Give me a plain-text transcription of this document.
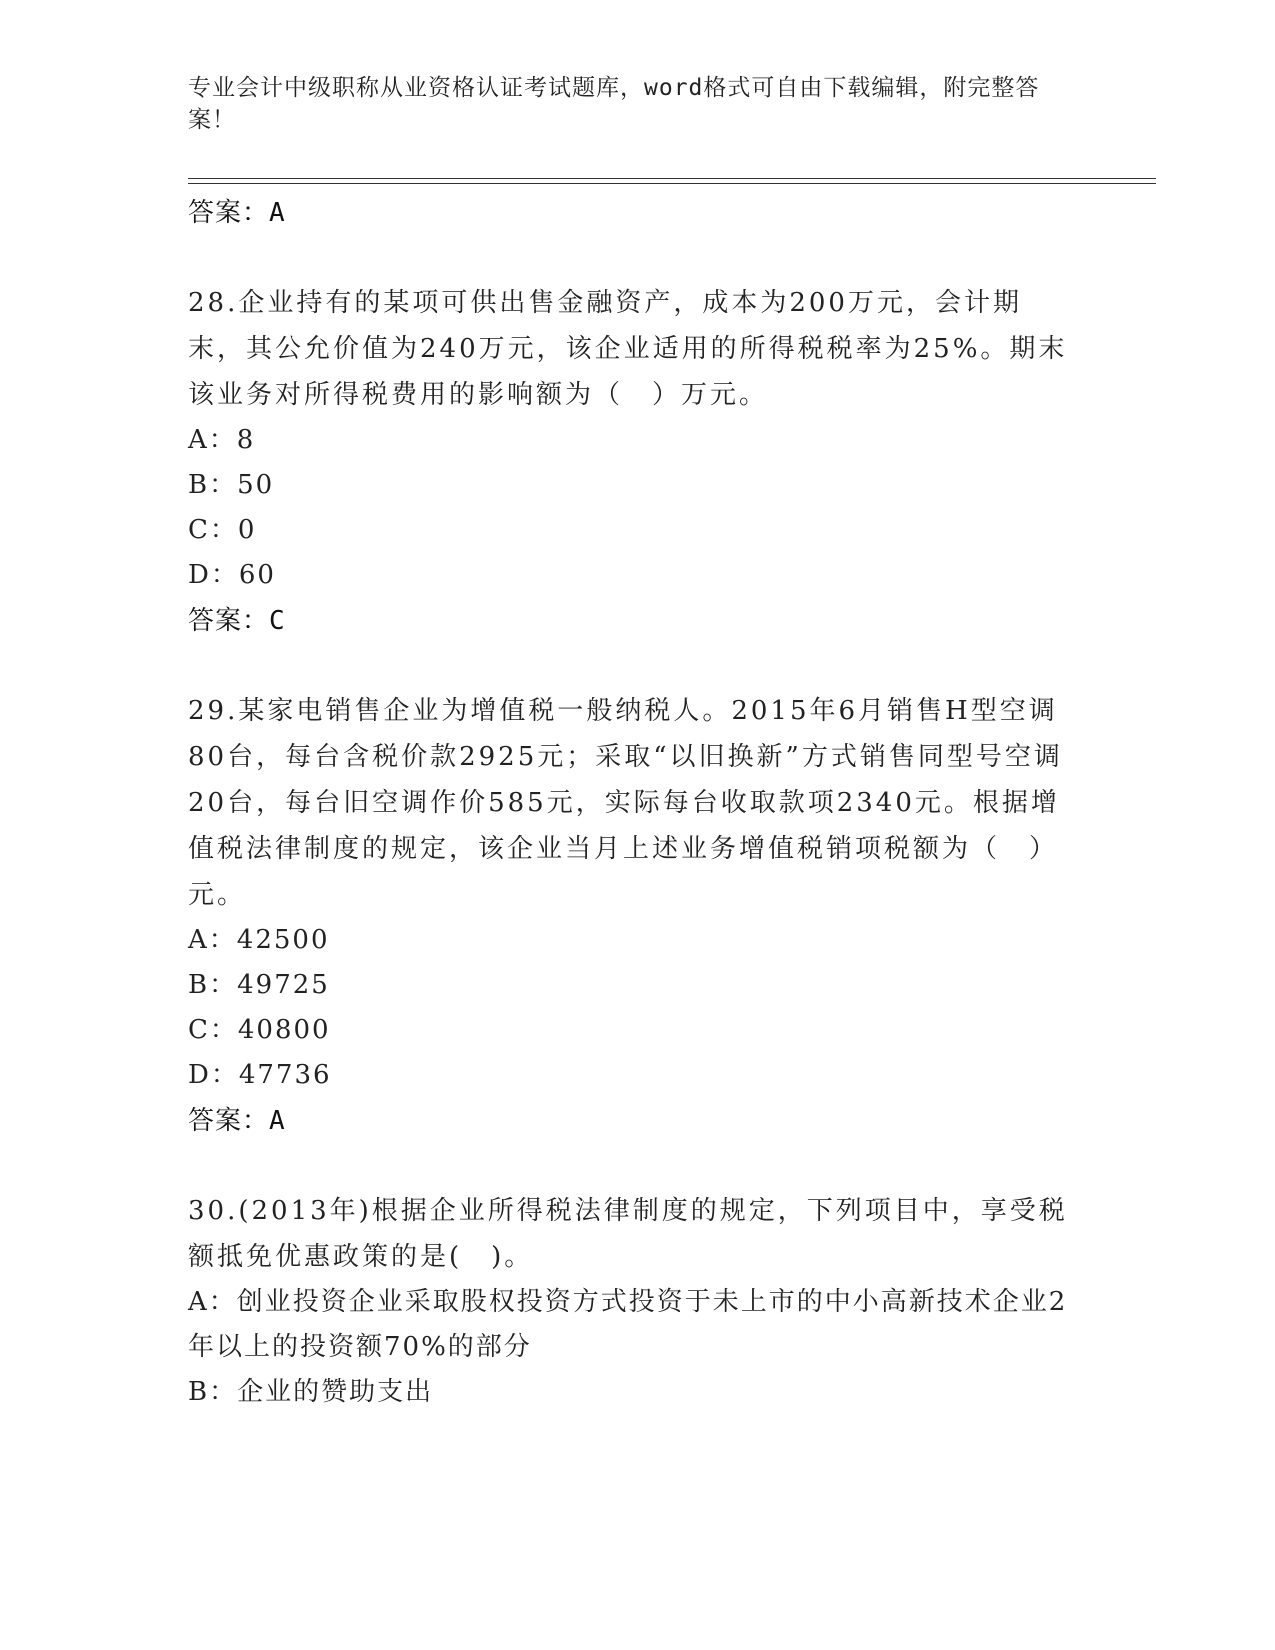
专业会计中级职称从业资格认证考试题库，word格式可自由下载编辑，附完整答案！
答案：A
28.企业持有的某项可供出售金融资产，成本为200万元，会计期末，其公允价值为240万元，该企业适用的所得税税率为25%。期末该业务对所得税费用的影响额为（　）万元。
A：8
B：50
C：0
D：60
答案：C
29.某家电销售企业为增值税一般纳税人。2015年6月销售H型空调80台，每台含税价款2925元；采取“以旧换新”方式销售同型号空调20台，每台旧空调作价585元，实际每台收取款项2340元。根据增值税法律制度的规定，该企业当月上述业务增值税销项税额为（　）元。
A：42500
B：49725
C：40800
D：47736
答案：A
30.(2013年)根据企业所得税法律制度的规定，下列项目中，享受税额抵免优惠政策的是(　)。
A：创业投资企业采取股权投资方式投资于未上市的中小高新技术企业2年以上的投资额70%的部分
B：企业的赞助支出
